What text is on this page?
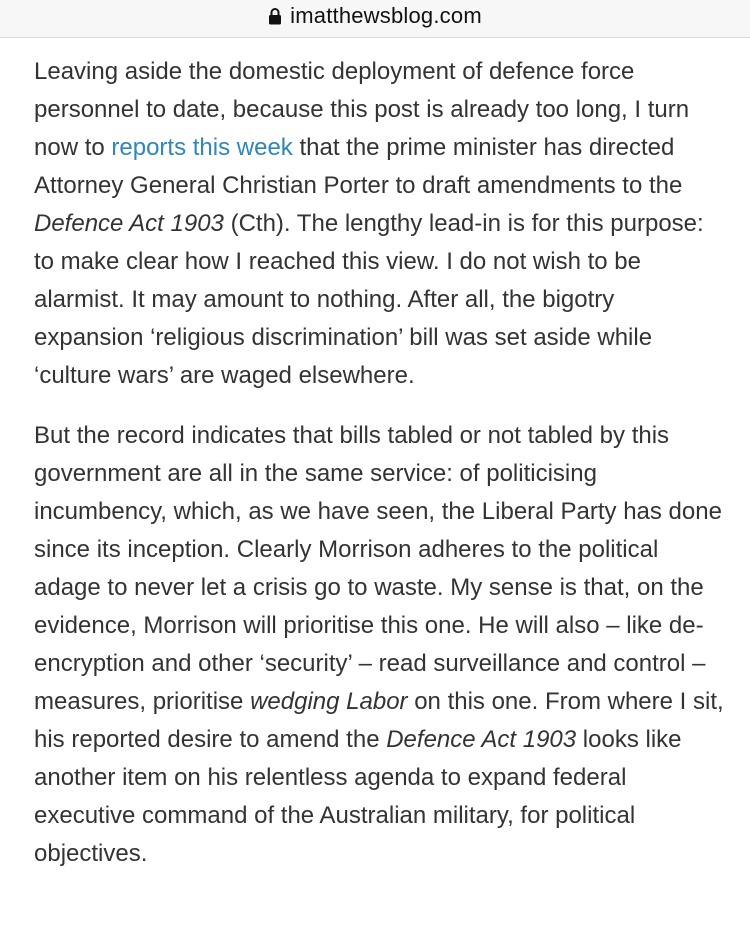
imatthewsblog.com

Leaving aside the domestic deployment of defence force personnel to date, because this post is already too long, I turn now to reports this week that the prime minister has directed Attorney General Christian Porter to draft amendments to the Defence Act 1903 (Cth). The lengthy lead-in is for this purpose: to make clear how I reached this view. I do not wish to be alarmist. It may amount to nothing. After all, the bigotry expansion ‘religious discrimination’ bill was set aside while ‘culture wars’ are waged elsewhere.

But the record indicates that bills tabled or not tabled by this government are all in the same service: of politicising incumbency, which, as we have seen, the Liberal Party has done since its inception. Clearly Morrison adheres to the political adage to never let a crisis go to waste. My sense is that, on the evidence, Morrison will prioritise this one. He will also – like de-encryption and other ‘security’ – read surveillance and control – measures, prioritise wedging Labor on this one. From where I sit, his reported desire to amend the Defence Act 1903 looks like another item on his relentless agenda to expand federal executive command of the Australian military, for political objectives.
